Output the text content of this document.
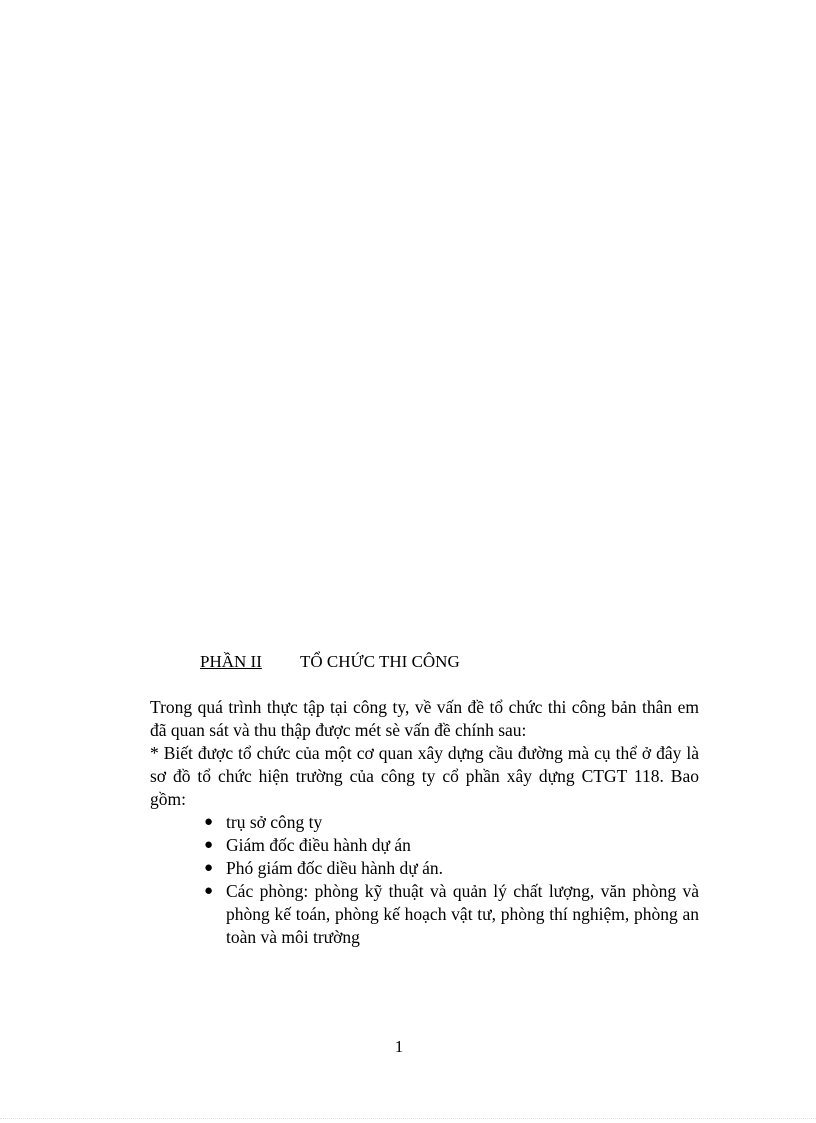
PHẦN II TỔ CHỨC THI CÔNG

Trong quá trình thực tập tại công ty, về vấn đề tổ chức thi công bản thân em đã quan sát và thu thập được mét sè vấn đề chính sau:

* Biết được tổ chức của một cơ quan xây dựng cầu đường mà cụ thể ở đây là sơ đồ tổ chức hiện trường của công ty cổ phần xây dựng CTGT 118. Bao gồm:

● trụ sở công ty
● Giám đốc điều hành dự án
● Phó giám đốc diều hành dự án.
● Các phòng: phòng kỹ thuật và quản lý chất lượng, văn phòng và phòng kế toán, phòng kế hoạch vật tư, phòng thí nghiệm, phòng an toàn và môi trường
1
